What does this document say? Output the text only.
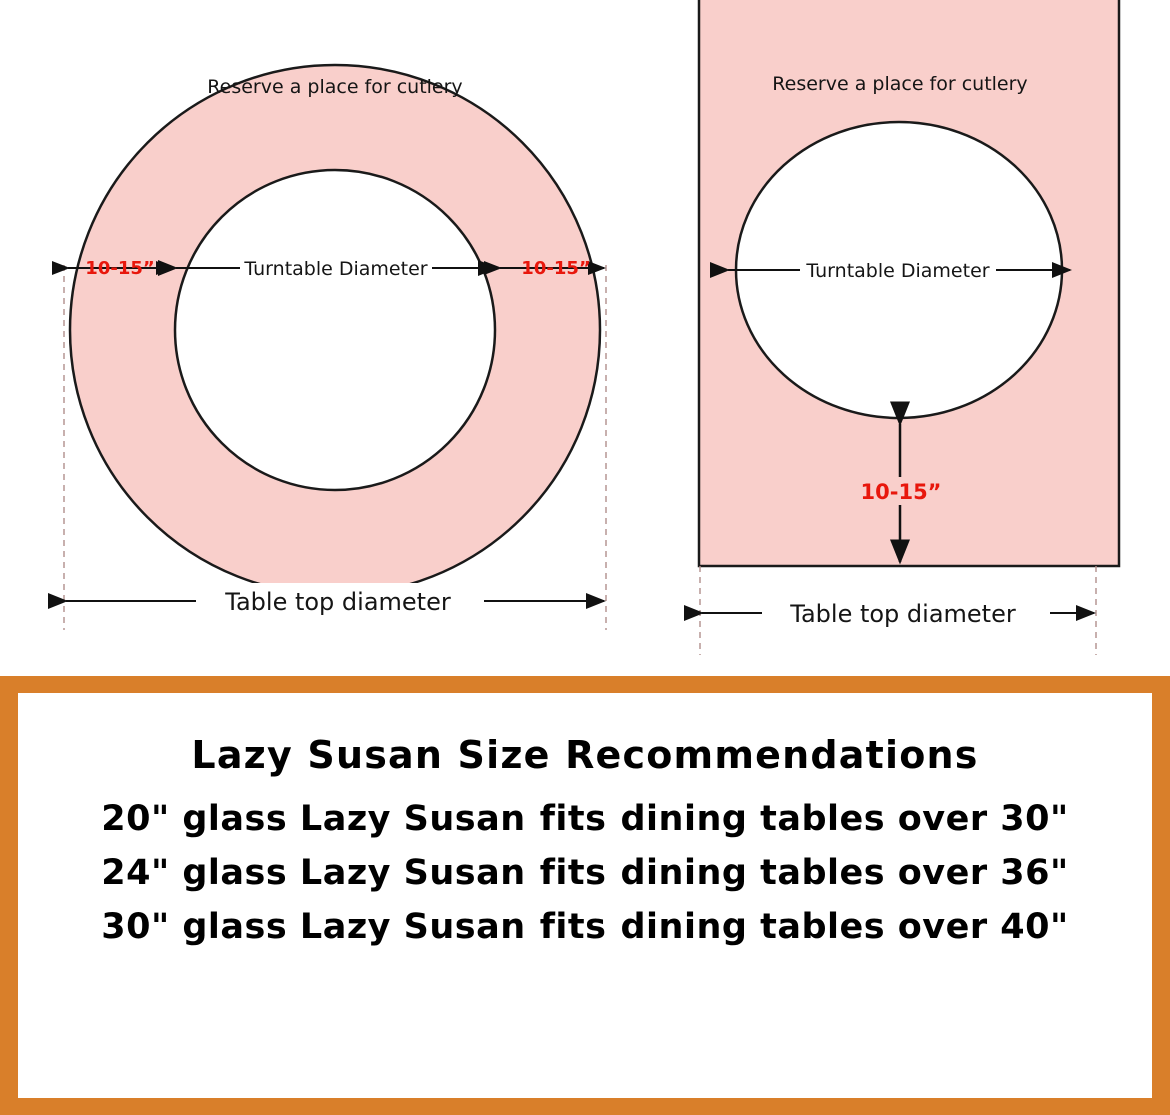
Reserve a place for cutlery
10-15”	10-15”
Turntable Diameter
Table top diameter
Reserve a place for cutlery
Turntable Diameter
10-15”
Table top diameter
Lazy Susan Size Recommendations
20" glass Lazy Susan fits dining tables over 30"
24" glass Lazy Susan fits dining tables over 36"
30" glass Lazy Susan fits dining tables over 40"
